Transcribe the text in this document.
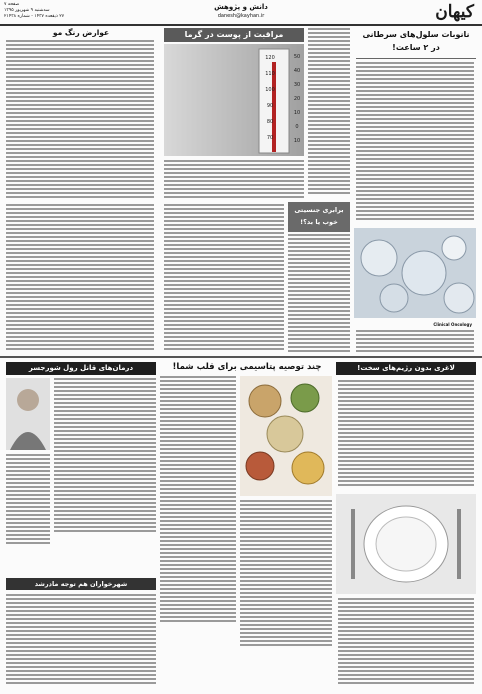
کیهان
دانش و پژوهش
danesh@kayhan.ir
صفحه ۷
سه‌شنبه ۹ شهریور ۱۳۹۵
۲۷ ذیقعده ۱۴۳۷ - شماره ۲۱۴۳۸
نانوبات سلول‌های سرطانی
در ۲ ساعت!
Clinical Oncology
مراقبت از پوست در گرما
50
40
30
20
10
0
10
120
110
100
90
80
70
عوارض رنگ مو
برابری جنسیتی
خوب یا بد؟!
لاغری بدون رژیم‌های سخت!
چند توصیه پتاسیمی برای قلب شما!
درمان‌های قانل رول شورجسر
شهر‌خواران هم توجه مادرشد
